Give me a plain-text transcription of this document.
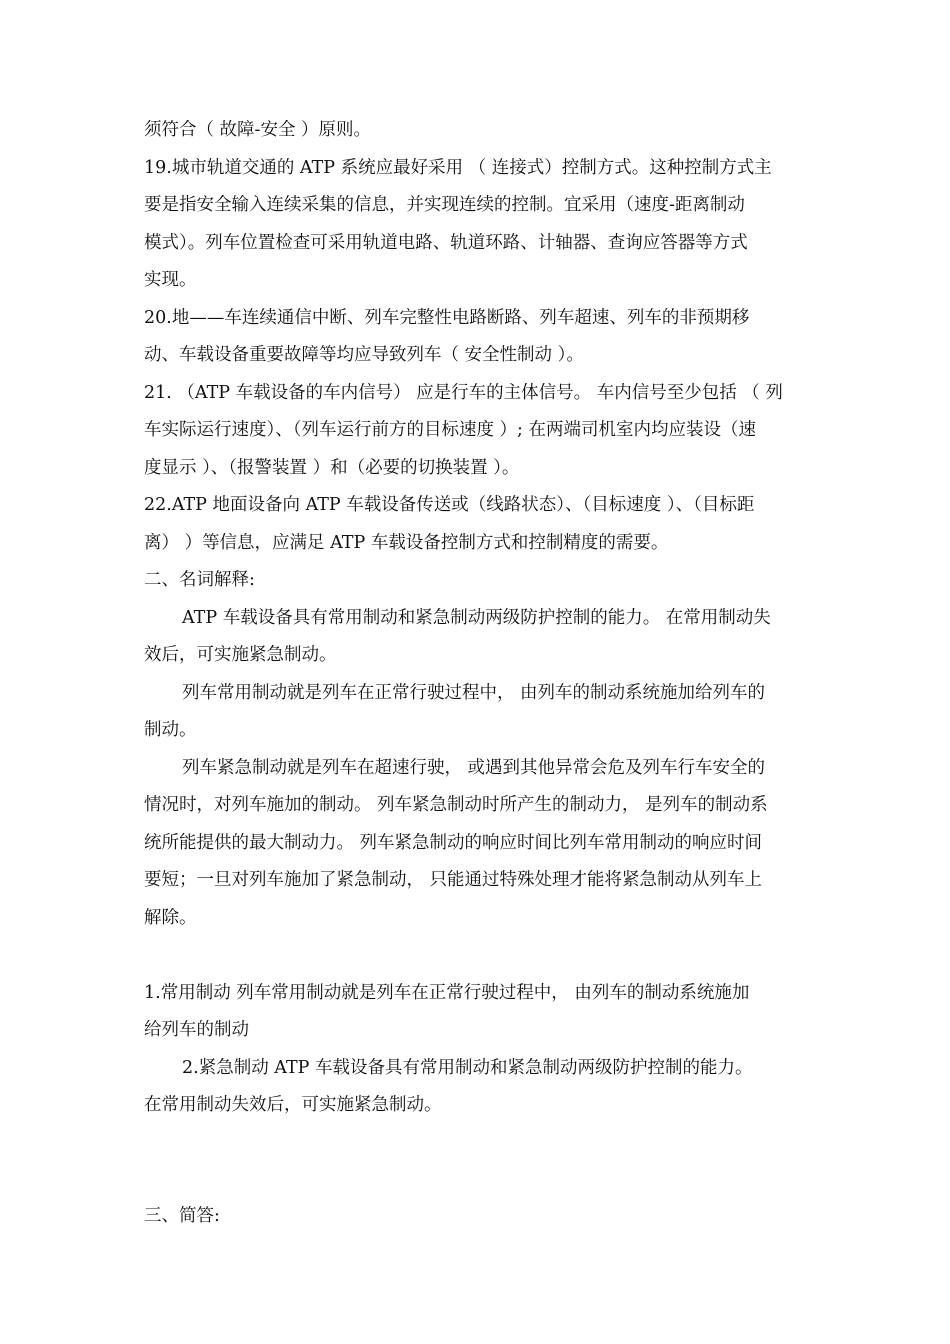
须符合（ 故障-安全 ）原则。
19.城市轨道交通的 ATP 系统应最好采用 （ 连接式）控制方式。这种控制方式主
要是指安全输入连续采集的信息，并实现连续的控制。宜采用（速度-距离制动
模式）。列车位置检查可采用轨道电路、轨道环路、计轴器、查询应答器等方式
实现。
20.地——车连续通信中断、列车完整性电路断路、列车超速、列车的非预期移
动、车载设备重要故障等均应导致列车（ 安全性制动 ）。
21. （ATP 车载设备的车内信号） 应是行车的主体信号。 车内信号至少包括 （ 列
车实际运行速度）、（列车运行前方的目标速度 ）; 在两端司机室内均应装设（速
度显示 ）、（报警装置 ）和（必要的切换装置 ）。
22.ATP 地面设备向 ATP 车载设备传送或（线路状态）、（目标速度 ）、（目标距
离） ）等信息，应满足 ATP 车载设备控制方式和控制精度的需要。
二、名词解释:
ATP 车载设备具有常用制动和紧急制动两级防护控制的能力。 在常用制动失
效后，可实施紧急制动。
列车常用制动就是列车在正常行驶过程中， 由列车的制动系统施加给列车的
制动。
列车紧急制动就是列车在超速行驶， 或遇到其他异常会危及列车行车安全的
情况时，对列车施加的制动。 列车紧急制动时所产生的制动力， 是列车的制动系
统所能提供的最大制动力。 列车紧急制动的响应时间比列车常用制动的响应时间
要短；一旦对列车施加了紧急制动， 只能通过特殊处理才能将紧急制动从列车上
解除。
1.常用制动 列车常用制动就是列车在正常行驶过程中， 由列车的制动系统施加
给列车的制动
2.紧急制动 ATP 车载设备具有常用制动和紧急制动两级防护控制的能力。
在常用制动失效后，可实施紧急制动。
三、简答:
